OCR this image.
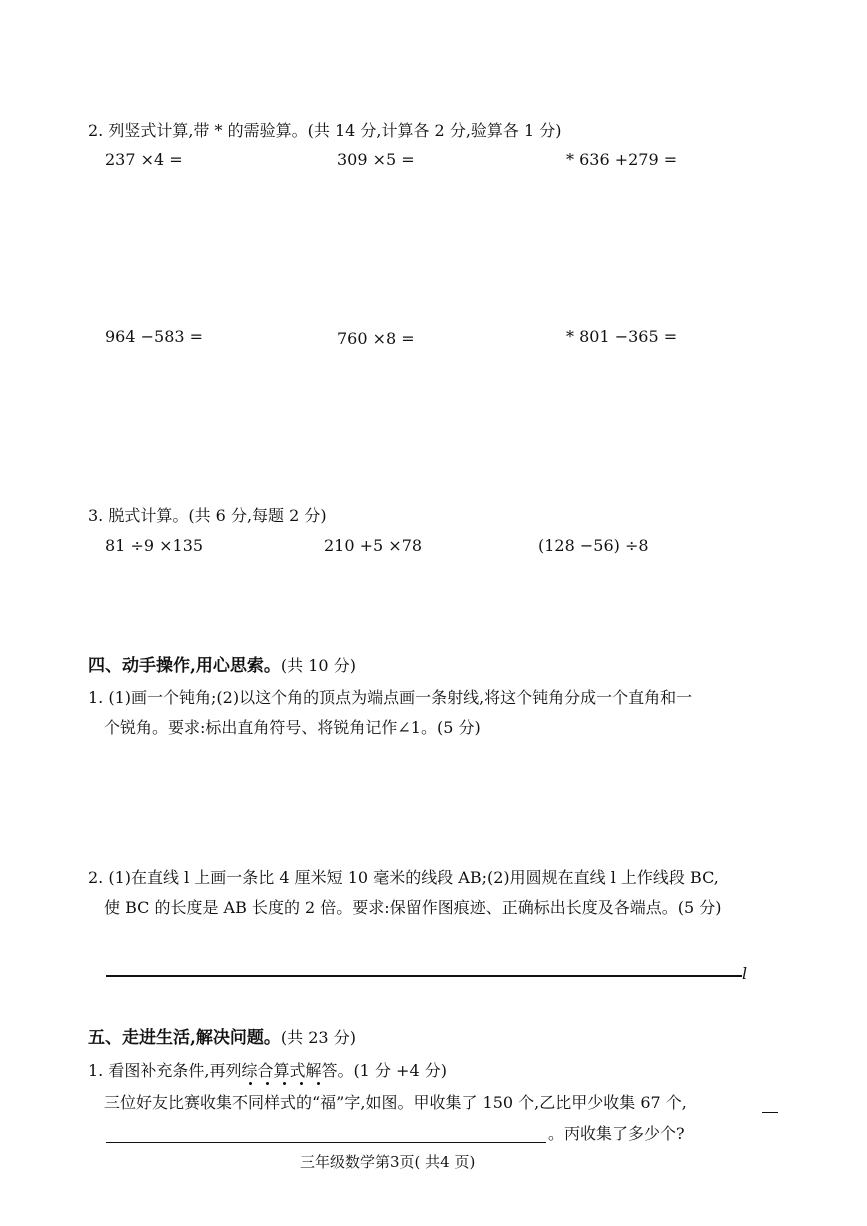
2. 列竖式计算,带 * 的需验算。(共 14 分,计算各 2 分,验算各 1 分)
237 ×4 =	309 ×5 =	* 636 +279 =
964 −583 =	760 ×8 =	* 801 −365 =
3. 脱式计算。(共 6 分,每题 2 分)
81 ÷9 ×135	210 +5 ×78	(128 −56) ÷8
四、动手操作,用心思索。(共 10 分)
1. (1)画一个钝角;(2)以这个角的顶点为端点画一条射线,将这个钝角分成一个直角和一
个锐角。要求:标出直角符号、将锐角记作∠1。(5 分)
2. (1)在直线 l 上画一条比 4 厘米短 10 毫米的线段 AB;(2)用圆规在直线 l 上作线段 BC,
使 BC 的长度是 AB 长度的 2 倍。要求:保留作图痕迹、正确标出长度及各端点。(5 分)
l
五、走进生活,解决问题。(共 23 分)
1. 看图补充条件,再列综合算式解答。(1 分 +4 分)
三位好友比赛收集不同样式的“福”字,如图。甲收集了 150 个,乙比甲少收集 67 个,
。丙收集了多少个?
三年级数学第3页( 共4 页)
